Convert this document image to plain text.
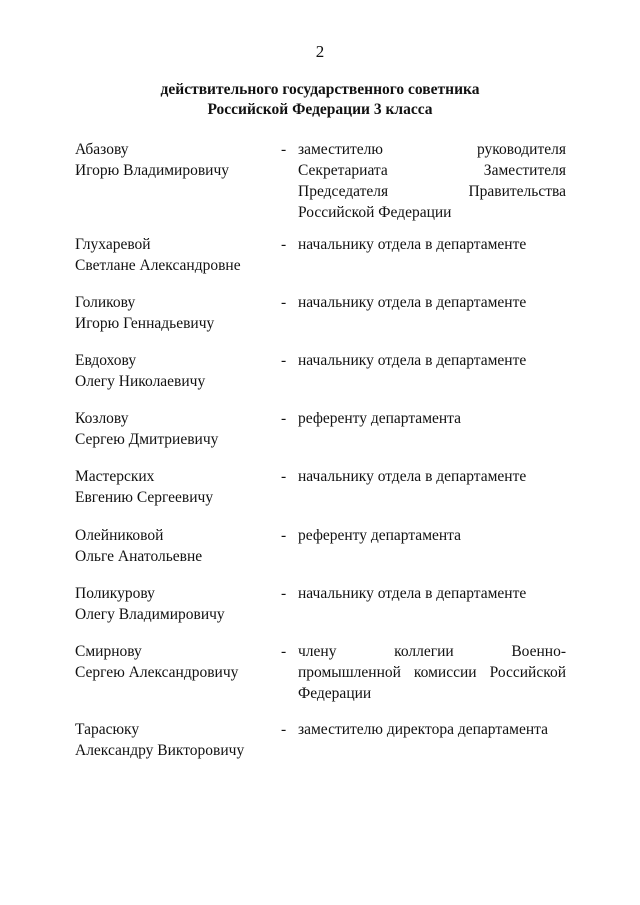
2
действительного государственного советника
Российской Федерации 3 класса
Абазову
Игорю Владимировичу
- заместителю руководителя
Секретариата Заместителя
Председателя Правительства
Российской Федерации
Глухаревой
Светлане Александровне
- начальнику отдела в департаменте
Голикову
Игорю Геннадьевичу
- начальнику отдела в департаменте
Евдохову
Олегу Николаевичу
- начальнику отдела в департаменте
Козлову
Сергею Дмитриевичу
- референту департамента
Мастерских
Евгению Сергеевичу
- начальнику отдела в департаменте
Олейниковой
Ольге Анатольевне
- референту департамента
Поликурову
Олегу Владимировичу
- начальнику отдела в департаменте
Смирнову
Сергею Александровичу
- члену коллегии Военно-
промышленной комиссии Российской
Федерации
Тарасюку
Александру Викторовичу
- заместителю директора департамента
